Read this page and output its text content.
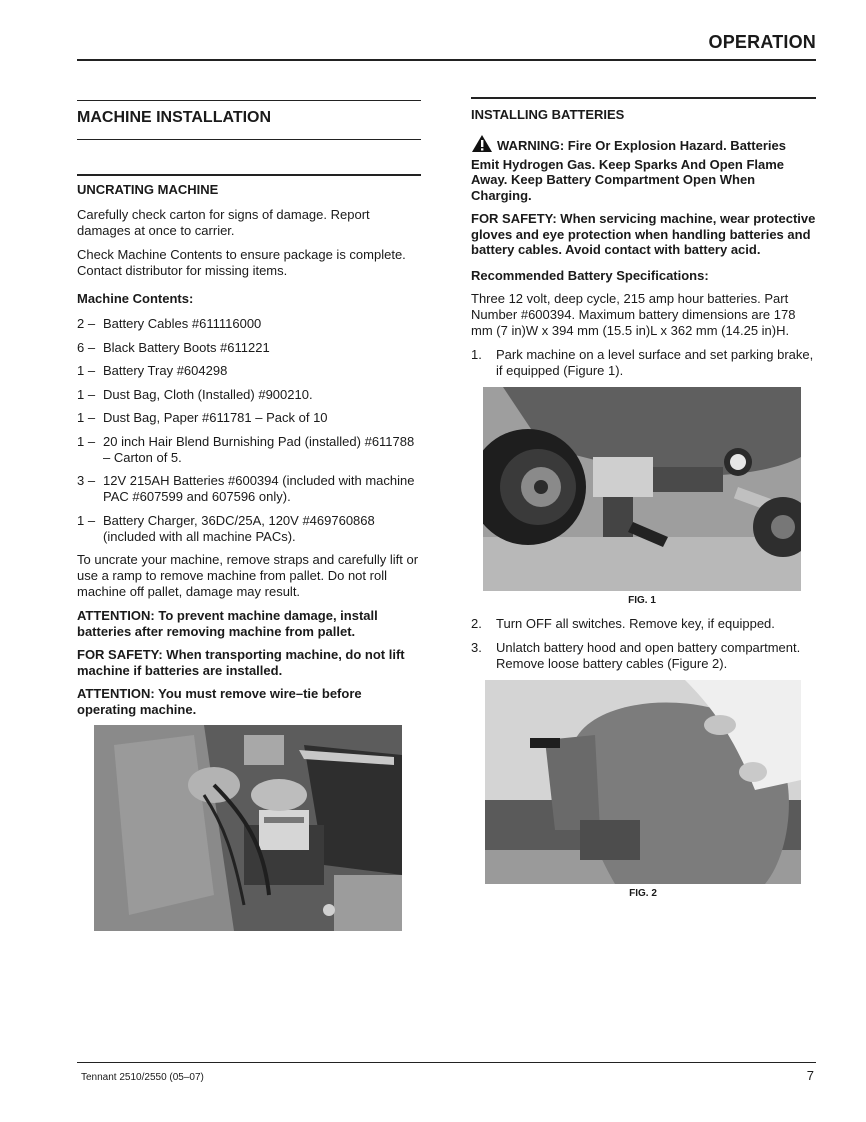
OPERATION
MACHINE INSTALLATION
UNCRATING MACHINE

Carefully check carton for signs of damage. Report damages at once to carrier.

Check Machine Contents to ensure package is complete. Contact distributor for missing items.

Machine Contents:
2 – Battery Cables #611116000
6 – Black Battery Boots #611221
1 – Battery Tray #604298
1 – Dust Bag, Cloth (Installed) #900210.
1 – Dust Bag, Paper #611781 – Pack of 10
1 – 20 inch Hair Blend Burnishing Pad (installed) #611788 – Carton of 5.
3 – 12V 215AH Batteries #600394 (included with machine PAC #607599 and 607596 only).
1 – Battery Charger, 36DC/25A, 120V #469760868 (included with all machine PACs).

To uncrate your machine, remove straps and carefully lift or use a ramp to remove machine from pallet. Do not roll machine off pallet, damage may result.

ATTENTION: To prevent machine damage, install batteries after removing machine from pallet.

FOR SAFETY: When transporting machine, do not lift machine if batteries are installed.

ATTENTION: You must remove wire–tie before operating machine.

INSTALLING BATTERIES

WARNING: Fire Or Explosion Hazard. Batteries Emit Hydrogen Gas. Keep Sparks And Open Flame Away. Keep Battery Compartment Open When Charging.

FOR SAFETY: When servicing machine, wear protective gloves and eye protection when handling batteries and battery cables. Avoid contact with battery acid.

Recommended Battery Specifications:

Three 12 volt, deep cycle, 215 amp hour batteries. Part Number #600394. Maximum battery dimensions are 178 mm (7 in)W x 394 mm (15.5 in)L x 362 mm (14.25 in)H.

1.	Park machine on a level surface and set parking brake, if equipped (Figure 1).
FIG. 1
2.	Turn OFF all switches. Remove key, if equipped.
3.	Unlatch battery hood and open battery compartment. Remove loose battery cables (Figure 2).
FIG. 2
Tennant 2510/2550 (05–07)	7
